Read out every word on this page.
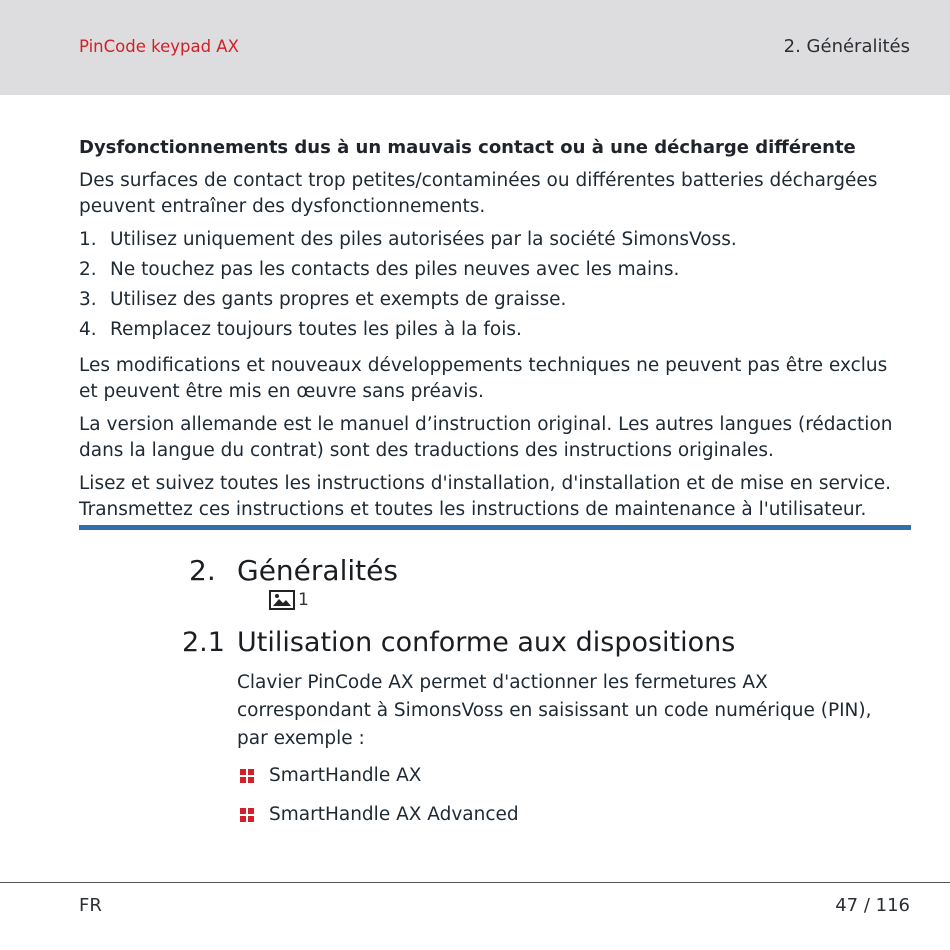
PinCode keypad AX	2. Généralités
Dysfonctionnements dus à un mauvais contact ou à une décharge différente

Des surfaces de contact trop petites/contaminées ou différentes batteries déchargées peuvent entraîner des dysfonctionnements.

1. Utilisez uniquement des piles autorisées par la société SimonsVoss.
2. Ne touchez pas les contacts des piles neuves avec les mains.
3. Utilisez des gants propres et exempts de graisse.
4. Remplacez toujours toutes les piles à la fois.

Les modifications et nouveaux développements techniques ne peuvent pas être exclus et peuvent être mis en œuvre sans préavis.

La version allemande est le manuel d’instruction original. Les autres langues (rédaction dans la langue du contrat) sont des traductions des instructions originales.

Lisez et suivez toutes les instructions d'installation, d'installation et de mise en service. Transmettez ces instructions et toutes les instructions de maintenance à l'utilisateur.

2. Généralités
1
2.1 Utilisation conforme aux dispositions
Clavier PinCode AX permet d'actionner les fermetures AX correspondant à SimonsVoss en saisissant un code numérique (PIN), par exemple :
SmartHandle AX
SmartHandle AX Advanced
FR	47 / 116
